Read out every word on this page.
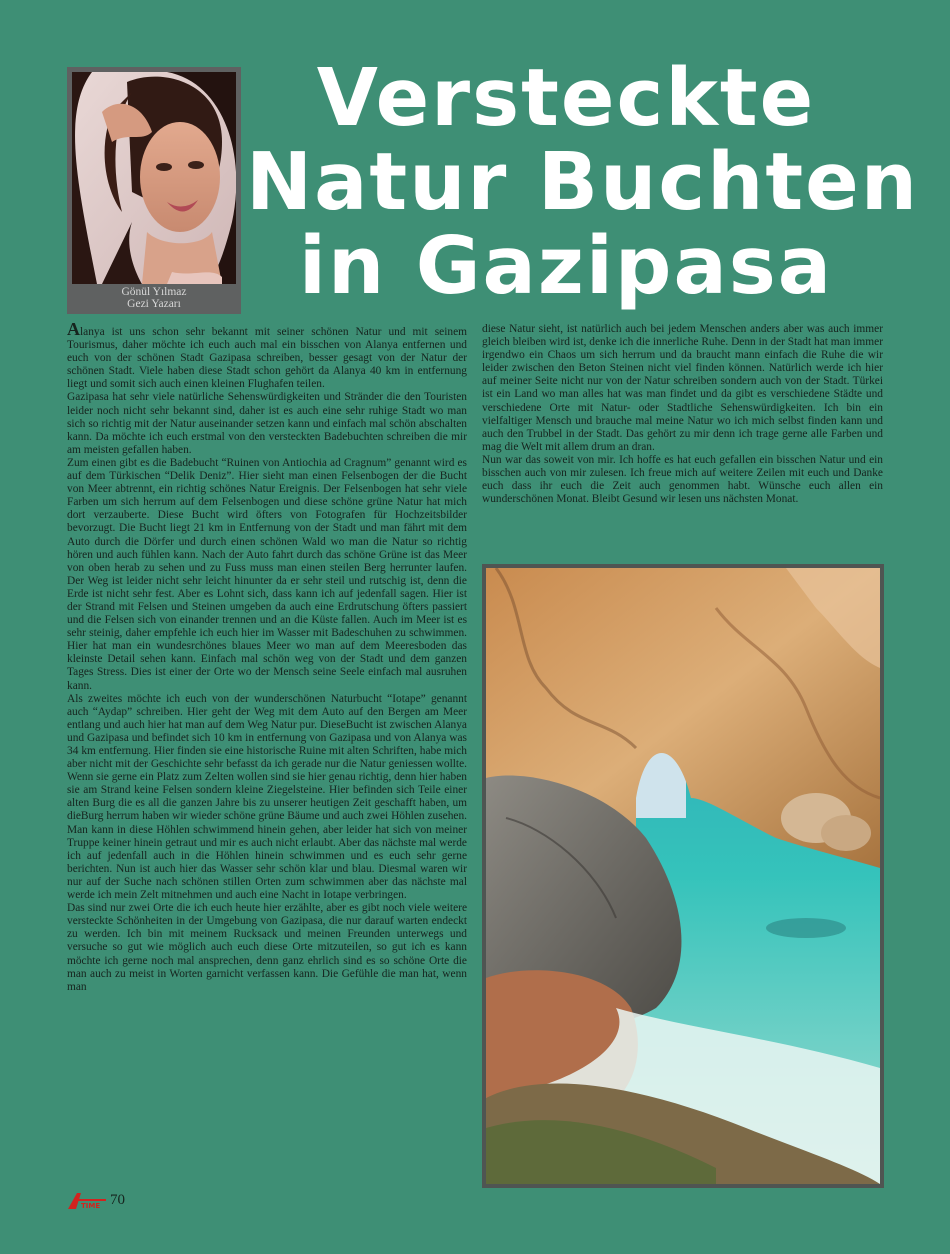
Gönül Yılmaz
Gezi Yazarı
Versteckte
Natur Buchten
in Gazipasa

Alanya ist uns schon sehr bekannt mit seiner schönen Natur und mit seinem Tourismus, daher möchte ich euch auch mal ein bisschen von Alanya entfernen und euch von der schönen Stadt Gazipasa schreiben, besser gesagt von der Natur der schönen Stadt. Viele haben diese Stadt schon gehört da Alanya 40 km in entfernung liegt und somit sich auch einen kleinen Flughafen teilen.

Gazipasa hat sehr viele natürliche Sehenswürdigkeiten und Stränder die den Touristen leider noch nicht sehr bekannt sind, daher ist es auch eine sehr ruhige Stadt wo man sich so richtig mit der Natur auseinander setzen kann und einfach mal schön abschalten kann. Da möchte ich euch erstmal von den versteckten Badebuchten schreiben die mir am meisten gefallen haben.

Zum einen gibt es die Badebucht “Ruinen von Antiochia ad Cragnum” genannt wird es auf dem Türkischen “Delik Deniz”. Hier sieht man einen Felsenbogen der die Bucht von Meer abtrennt, ein richtig schönes Natur Ereignis. Der Felsenbogen hat sehr viele Farben um sich herrum auf dem Felsenbogen und diese schöne grüne Natur hat mich dort verzauberte. Diese Bucht wird öfters von Fotografen für Hochzeitsbilder bevorzugt. Die Bucht liegt 21 km in Entfernung von der Stadt und man fährt mit dem Auto durch die Dörfer und durch einen schönen Wald wo man die Natur so richtig hören und auch fühlen kann. Nach der Auto fahrt durch das schöne Grüne ist das Meer von oben herab zu sehen und zu Fuss muss man einen steilen Berg herrunter laufen. Der Weg ist leider nicht sehr leicht hinunter da er sehr steil und rutschig ist, denn die Erde ist nicht sehr fest. Aber es Lohnt sich, dass kann ich auf jedenfall sagen. Hier ist der Strand mit Felsen und Steinen umgeben da auch eine Erdrutschung öfters passiert und die Felsen sich von einander trennen und an die Küste fallen. Auch im Meer ist es sehr steinig, daher empfehle ich euch hier im Wasser mit Badeschuhen zu schwimmen. Hier hat man ein wundesrchönes blaues Meer wo man auf dem Meeresboden das kleinste Detail sehen kann. Einfach mal schön weg von der Stadt und dem ganzen Tages Stress. Dies ist einer der Orte wo der Mensch seine Seele einfach mal ausruhen kann.

Als zweites möchte ich euch von der wunderschönen Naturbucht “Iotape” genannt auch “Aydap” schreiben. Hier geht der Weg mit dem Auto auf den Bergen am Meer entlang und auch hier hat man auf dem Weg Natur pur. DieseBucht ist zwischen Alanya und Gazipasa und befindet sich 10 km in entfernung von Gazipasa und von Alanya was 34 km entfernung. Hier finden sie eine historische Ruine mit alten Schriften, habe mich aber nicht mit der Geschichte sehr befasst da ich gerade nur die Natur geniessen wollte. Wenn sie gerne ein Platz zum Zelten wollen sind sie hier genau richtig, denn hier haben sie am Strand keine Felsen sondern kleine Ziegelsteine. Hier befinden sich Teile einer alten Burg die es all die ganzen Jahre bis zu unserer heutigen Zeit geschafft haben, um dieBurg herrum haben wir wieder schöne grüne Bäume und auch zwei Höhlen zusehen. Man kann in diese Höhlen schwimmend hinein gehen, aber leider hat sich von meiner Truppe keiner hinein getraut und mir es auch nicht erlaubt. Aber das nächste mal werde ich auf jedenfall auch in die Höhlen hinein schwimmen und es euch sehr gerne berichten. Nun ist auch hier das Wasser sehr schön klar und blau. Diesmal waren wir nur auf der Suche nach schönen stillen Orten zum schwimmen aber das nächste mal werde ich mein Zelt mitnehmen und auch eine Nacht in Iotape verbringen.

Das sind nur zwei Orte die ich euch heute hier erzählte, aber es gibt noch viele weitere versteckte Schönheiten in der Umgebung von Gazipasa, die nur darauf warten endeckt zu werden. Ich bin mit meinem Rucksack und meinen Freunden unterwegs und versuche so gut wie möglich auch euch diese Orte mitzuteilen, so gut ich es kann möchte ich gerne noch mal ansprechen, denn ganz ehrlich sind es so schöne Orte die man auch zu meist in Worten garnicht verfassen kann. Die Gefühle die man hat, wenn man

diese Natur sieht, ist natürlich auch bei jedem Menschen anders aber was auch immer gleich bleiben wird ist, denke ich die innerliche Ruhe. Denn in der Stadt hat man immer irgendwo ein Chaos um sich herrum und da braucht mann einfach die Ruhe die wir leider zwischen den Beton Steinen nicht viel finden können. Natürlich werde ich hier auf meiner Seite nicht nur von der Natur schreiben sondern auch von der Stadt. Türkei ist ein Land wo man alles hat was man findet und da gibt es verschiedene Städte und verschiedene Orte mit Natur- oder Stadtliche Sehenswürdigkeiten. Ich bin ein vielfaltiger Mensch und brauche mal meine Natur wo ich mich selbst finden kann und auch den Trubbel in der Stadt. Das gehört zu mir denn ich trage gerne alle Farben und mag die Welt mit allem drum an dran.

Nun war das soweit von mir. Ich hoffe es hat euch gefallen ein bisschen Natur und ein bisschen auch von mir zulesen. Ich freue mich auf weitere Zeilen mit euch und Danke euch dass ihr euch die Zeit auch genommen habt. Wünsche euch allen ein wunderschönen Monat. Bleibt Gesund wir lesen uns nächsten Monat.

TIME 70
